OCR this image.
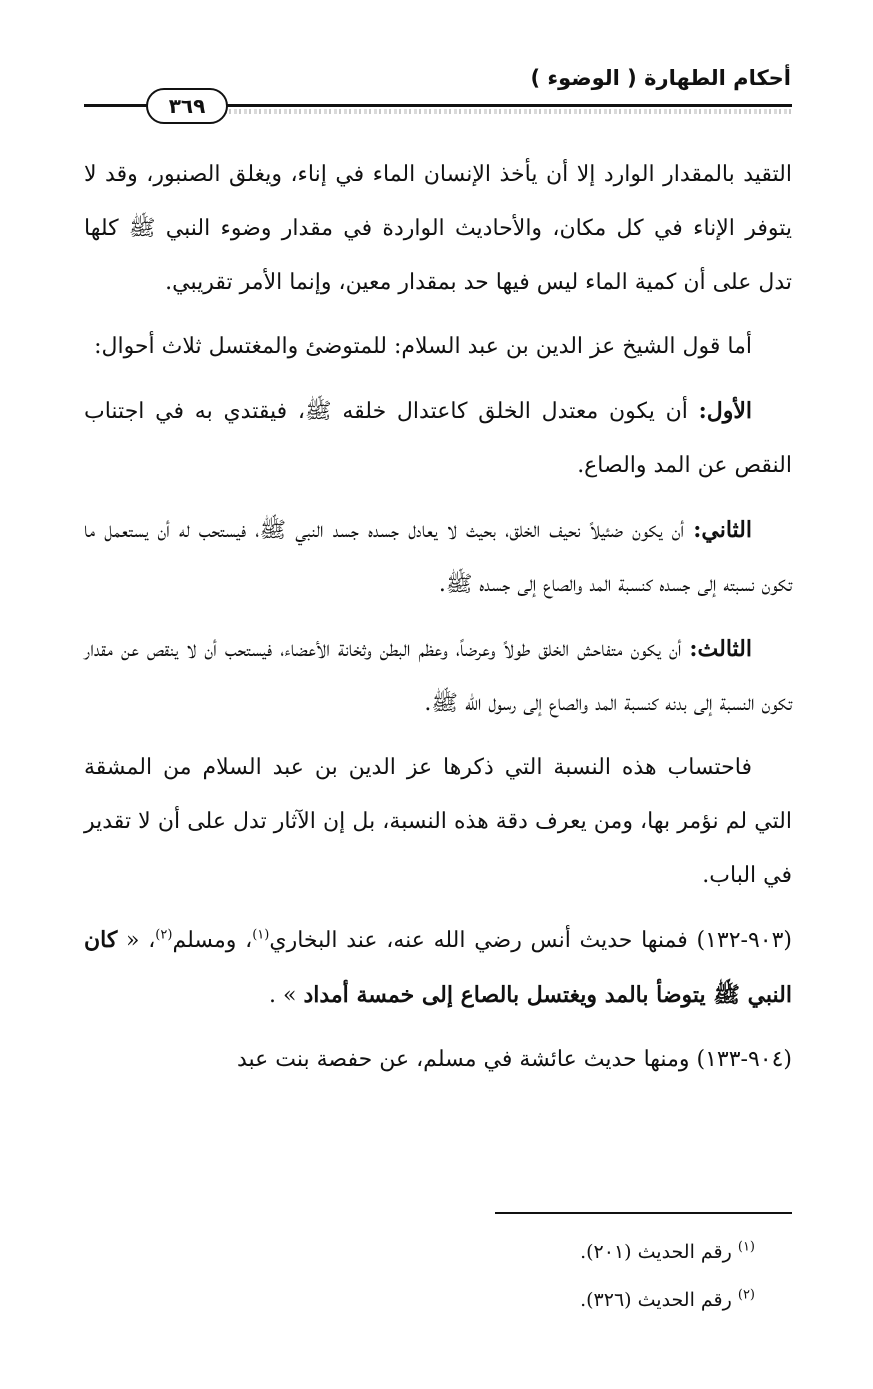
أحكام الطهارة ( الوضوء )
٣٦٩

التقيد بالمقدار الوارد إلا أن يأخذ الإنسان الماء في إناء، ويغلق الصنبور، وقد لا يتوفر الإناء في كل مكان، والأحاديث الواردة في مقدار وضوء النبي ﷺ كلها تدل على أن كمية الماء ليس فيها حد بمقدار معين، وإنما الأمر تقريبي.

أما قول الشيخ عز الدين بن عبد السلام: للمتوضئ والمغتسل ثلاث أحوال:

الأول: أن يكون معتدل الخلق كاعتدال خلقه ﷺ، فيقتدي به في اجتناب النقص عن المد والصاع.

الثاني: أن يكون ضئيلاً نحيف الخلق، بحيث لا يعادل جسده جسد النبي ﷺ، فيستحب له أن يستعمل ما تكون نسبته إلى جسده كنسبة المد والصاع إلى جسده ﷺ.

الثالث: أن يكون متفاحش الخلق طولاً وعرضاً، وعظم البطن وثخانة الأعضاء، فيستحب أن لا ينقص عن مقدار تكون النسبة إلى بدنه كنسبة المد والصاع إلى رسول الله ﷺ.

فاحتساب هذه النسبة التي ذكرها عز الدين بن عبد السلام من المشقة التي لم نؤمر بها، ومن يعرف دقة هذه النسبة، بل إن الآثار تدل على أن لا تقدير في الباب.

(٩٠٣-١٣٢) فمنها حديث أنس رضي الله عنه، عند البخاري$^{(١)}$، ومسلم$^{(٢)}$، « كان النبي ﷺ يتوضأ بالمد ويغتسل بالصاع إلى خمسة أمداد » .

(٩٠٤-١٣٣) ومنها حديث عائشة في مسلم، عن حفصة بنت عبد

$^{(١)}$ رقم الحديث (٢٠١).
$^{(٢)}$ رقم الحديث (٣٢٦).
